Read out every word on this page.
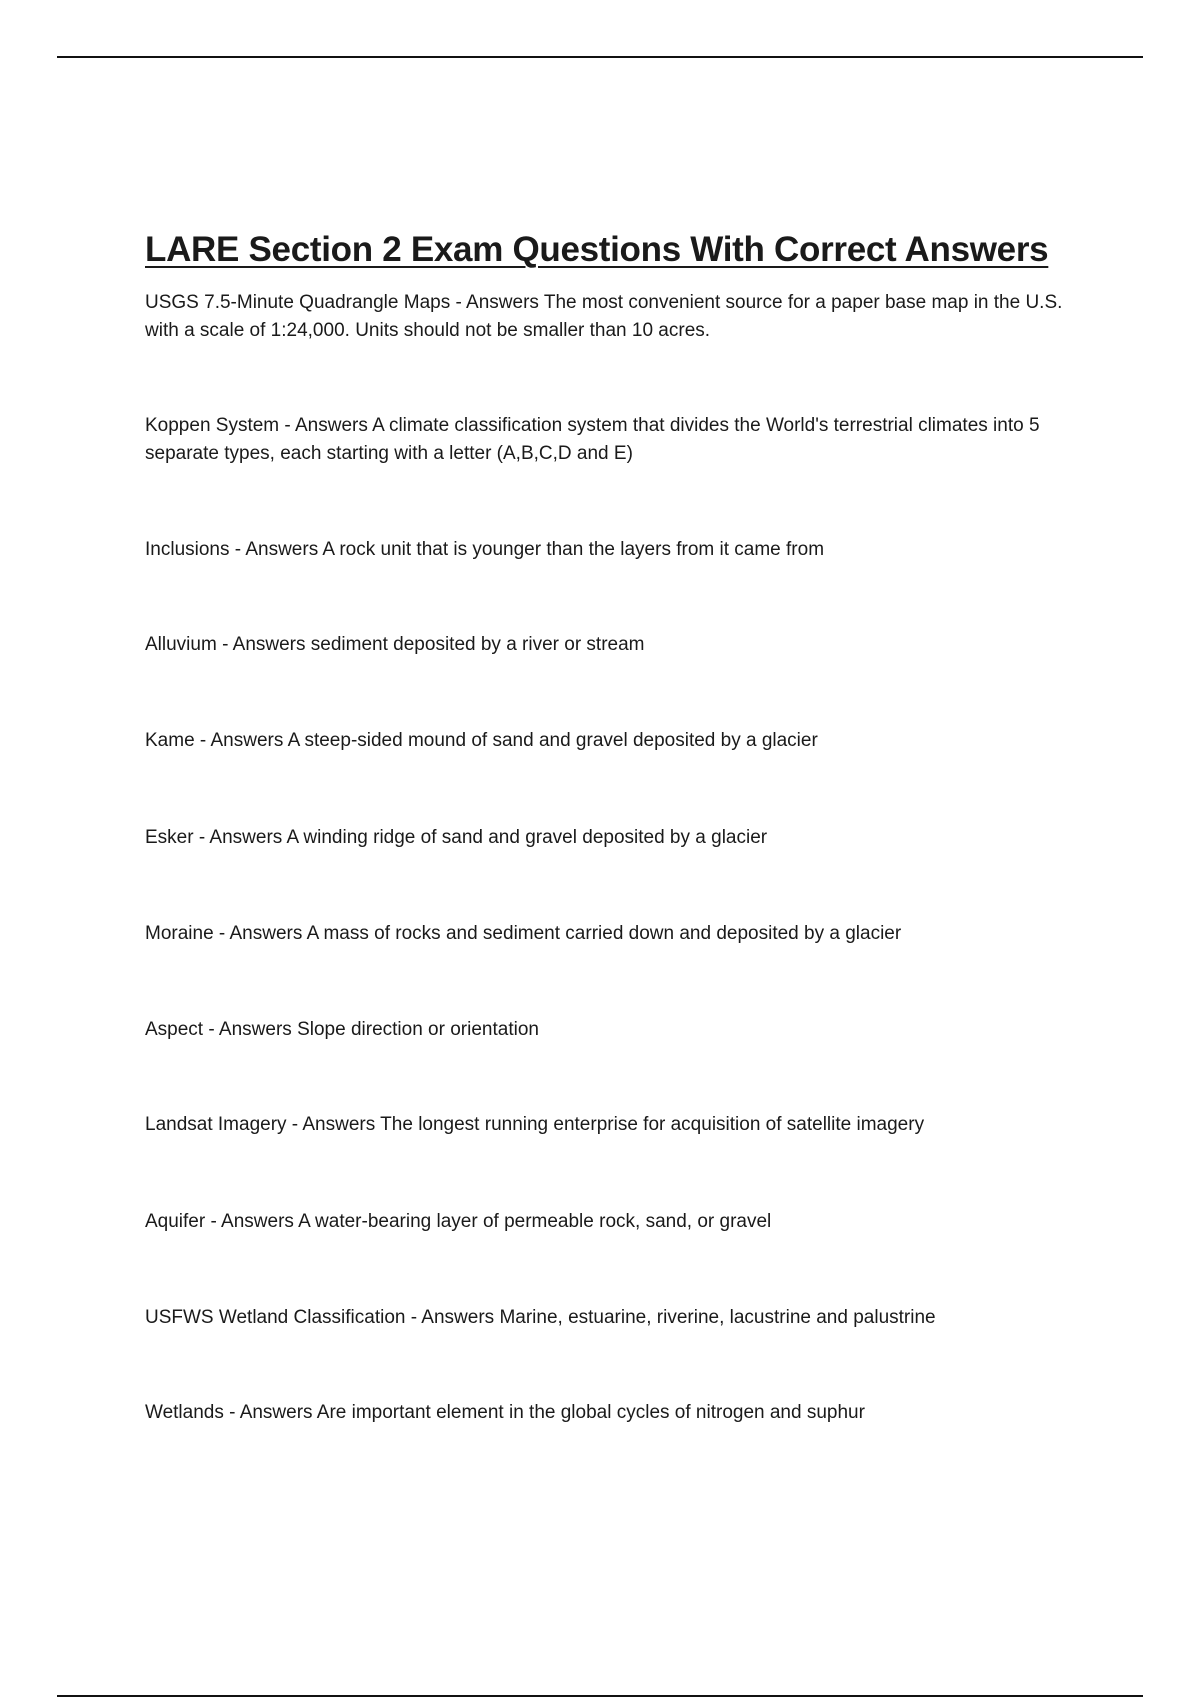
LARE Section 2 Exam Questions With Correct Answers
USGS 7.5-Minute Quadrangle Maps - Answers The most convenient source for a paper base map in the U.S. with a scale of 1:24,000. Units should not be smaller than 10 acres.
Koppen System - Answers A climate classification system that divides the World's terrestrial climates into 5 separate types, each starting with a letter (A,B,C,D and E)
Inclusions - Answers A rock unit that is younger than the layers from it came from
Alluvium - Answers sediment deposited by a river or stream
Kame - Answers A steep-sided mound of sand and gravel deposited by a glacier
Esker - Answers A winding ridge of sand and gravel deposited by a glacier
Moraine - Answers A mass of rocks and sediment carried down and deposited by a glacier
Aspect - Answers Slope direction or orientation
Landsat Imagery - Answers The longest running enterprise for acquisition of satellite imagery
Aquifer - Answers A water-bearing layer of permeable rock, sand, or gravel
USFWS Wetland Classification - Answers Marine, estuarine, riverine, lacustrine and palustrine
Wetlands - Answers Are important element in the global cycles of nitrogen and suphur
